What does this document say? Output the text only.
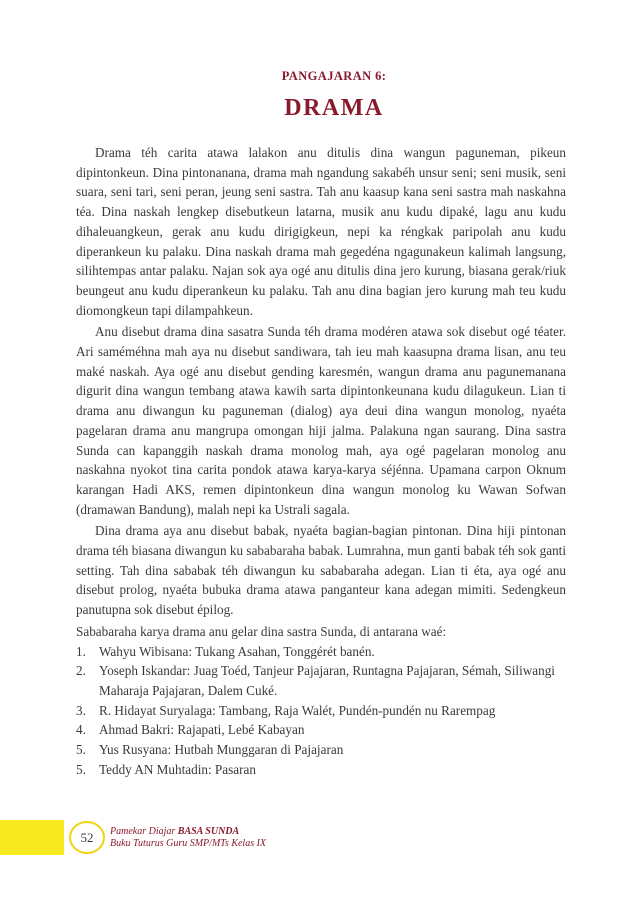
PANGAJARAN 6:
DRAMA

Drama téh carita atawa lalakon anu ditulis dina wangun paguneman, pikeun dipintonkeun. Dina pintonanana, drama mah ngandung sakabéh unsur seni; seni musik, seni suara, seni tari, seni peran, jeung seni sastra. Tah anu kaasup kana seni sastra mah naskahna téa. Dina naskah lengkep disebutkeun latarna, musik anu kudu dipaké, lagu anu kudu dihaleuangkeun, gerak anu kudu dirigigkeun, nepi ka réngkak paripolah anu kudu diperankeun ku palaku. Dina naskah drama mah gegedéna ngagunakeun kalimah langsung, silihtempas antar palaku. Najan sok aya ogé anu ditulis dina jero kurung, biasana gerak/riuk beungeut anu kudu diperankeun ku palaku. Tah anu dina bagian jero kurung mah teu kudu diomongkeun tapi dilampahkeun.

Anu disebut drama dina sasatra Sunda téh drama modéren atawa sok disebut ogé téater. Ari saméméhna mah aya nu disebut sandiwara, tah ieu mah kaasupna drama lisan, anu teu maké naskah. Aya ogé anu disebut gending karesmén, wangun drama anu pagunemanana digurit dina wangun tembang atawa kawih sarta dipintonkeunana kudu dilagukeun. Lian ti drama anu diwangun ku paguneman (dialog) aya deui dina wangun monolog, nyaéta pagelaran drama anu mangrupa omongan hiji jalma. Palakuna ngan saurang. Dina sastra Sunda can kapanggih naskah drama monolog mah, aya ogé pagelaran monolog anu naskahna nyokot tina carita pondok atawa karya-karya séjénna. Upamana carpon Oknum karangan Hadi AKS, remen dipintonkeun dina wangun monolog ku Wawan Sofwan (dramawan Bandung), malah nepi ka Ustrali sagala.

Dina drama aya anu disebut babak, nyaéta bagian-bagian pintonan. Dina hiji pintonan drama téh biasana diwangun ku sababaraha babak. Lumrahna, mun ganti babak téh sok ganti setting. Tah dina sababak téh diwangun ku sababaraha adegan. Lian ti éta, aya ogé anu disebut prolog, nyaéta bubuka drama atawa panganteur kana adegan mimiti. Sedengkeun panutupna sok disebut épilog.

Sababaraha karya drama anu gelar dina sastra Sunda, di antarana waé:

1. Wahyu Wibisana: Tukang Asahan, Tonggérét banén.
2. Yoseph Iskandar: Juag Toéd, Tanjeur Pajajaran, Runtagna Pajajaran, Sémah, Siliwangi Maharaja Pajajaran, Dalem Cuké.
3. R. Hidayat Suryalaga: Tambang, Raja Walét, Pundén-pundén nu Rarempag
4. Ahmad Bakri: Rajapati, Lebé Kabayan
5. Yus Rusyana: Hutbah Munggaran di Pajajaran
5. Teddy AN Muhtadin: Pasaran
52	Pamekar Diajar BASA SUNDA
Buku Tuturus Guru SMP/MTs Kelas IX
